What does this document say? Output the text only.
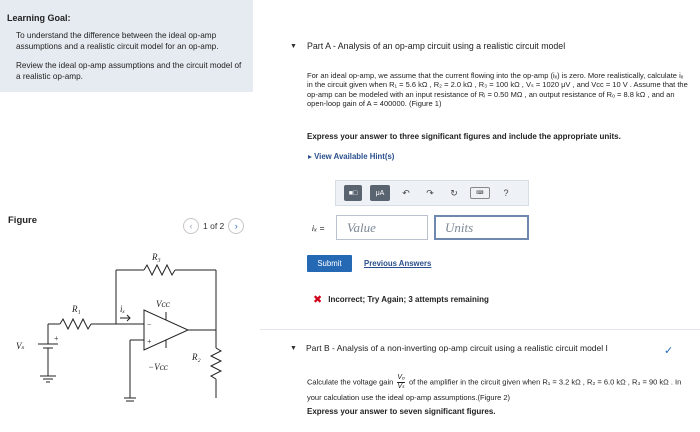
Learning Goal:
To understand the difference between the ideal op-amp assumptions and a realistic circuit model for an op-amp.
Review the ideal op-amp assumptions and the circuit model of a realistic op-amp.
Figure	‹	1 of 2	›
R₃
R₁	iₓ
−
+
Vᴄᴄ
−Vᴄᴄ
R₂
Vₛ
+
▼ Part A - Analysis of an op-amp circuit using a realistic circuit model
For an ideal op-amp, we assume that the current flowing into the op-amp (iₓ) is zero. More realistically, calculate iₓ in the circuit given when R₁ = 5.6 kΩ , R₂ = 2.0 kΩ , R₃ = 100 kΩ , Vₛ = 1020 μV , and Vᴄᴄ = 10 V . Assume that the op-amp can be modeled with an input resistance of Rᵢ = 0.50 MΩ , an output resistance of Rₒ = 8.8 kΩ , and an open-loop gain of A = 400000. (Figure 1)
Express your answer to three significant figures and include the appropriate units.
▸ View Available Hint(s)
■□	μA	↶	↷	↻	⌨	?
iₓ = Value	Units
Submit	Previous Answers
✖ Incorrect; Try Again; 3 attempts remaining
▼ Part B - Analysis of a non-inverting op-amp circuit using a realistic circuit model I	✓
Calculate the voltage gain $\frac{\text{Vₒ}}{\text{Vₛ}}$ of the amplifier in the circuit given when R₁ = 3.2 kΩ , R₂ = 6.0 kΩ , R₃ = 90 kΩ . In your calculation use the ideal op-amp assumptions.(Figure 2)
Express your answer to seven significant figures.
